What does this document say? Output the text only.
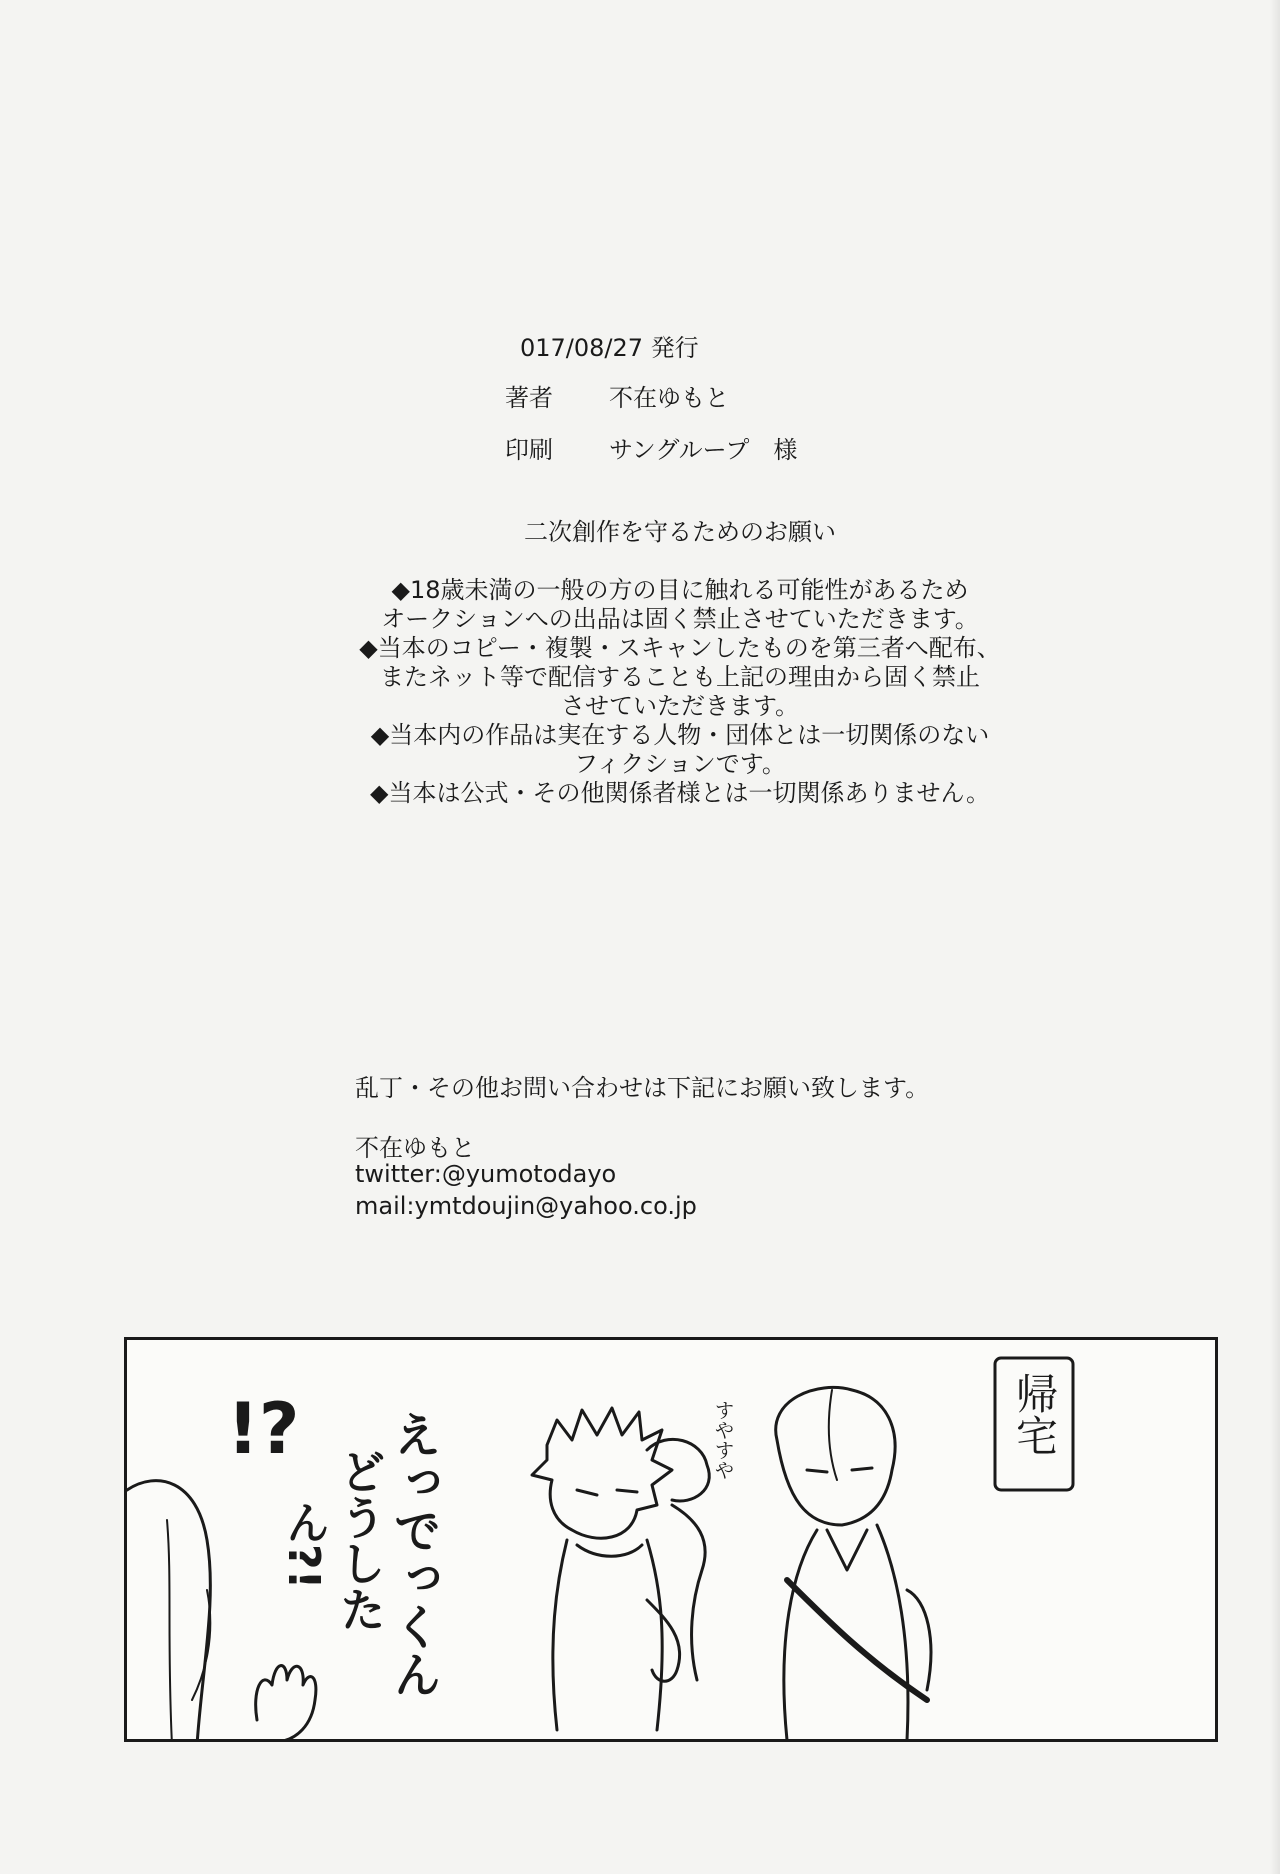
017/08/27 発行
著者 不在ゆもと
印刷 サングループ　様
二次創作を守るためのお願い
◆18歳未満の一般の方の目に触れる可能性があるため
オークションへの出品は固く禁止させていただきます。
◆当本のコピー・複製・スキャンしたものを第三者へ配布、
またネット等で配信することも上記の理由から固く禁止
させていただきます。
◆当本内の作品は実在する人物・団体とは一切関係のない
フィクションです。
◆当本は公式・その他関係者様とは一切関係ありません。
乱丁・その他お問い合わせは下記にお願い致します。
不在ゆもと
twitter:@yumotodayo
mail:ymtdoujin@yahoo.co.jp
帰宅
すやすや
えっでっくん
どうした
ん?!
!?
